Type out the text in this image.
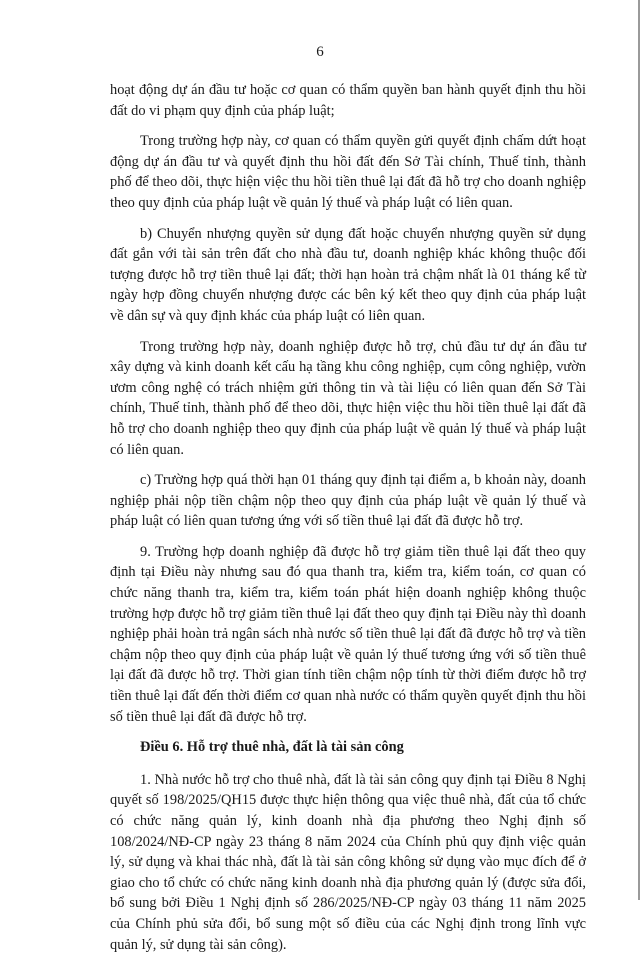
6

hoạt động dự án đầu tư hoặc cơ quan có thẩm quyền ban hành quyết định thu hồi đất do vi phạm quy định của pháp luật;

Trong trường hợp này, cơ quan có thẩm quyền gửi quyết định chấm dứt hoạt động dự án đầu tư và quyết định thu hồi đất đến Sở Tài chính, Thuế tỉnh, thành phố để theo dõi, thực hiện việc thu hồi tiền thuê lại đất đã hỗ trợ cho doanh nghiệp theo quy định của pháp luật về quản lý thuế và pháp luật có liên quan.

b) Chuyển nhượng quyền sử dụng đất hoặc chuyển nhượng quyền sử dụng đất gắn với tài sản trên đất cho nhà đầu tư, doanh nghiệp khác không thuộc đối tượng được hỗ trợ tiền thuê lại đất; thời hạn hoàn trả chậm nhất là 01 tháng kể từ ngày hợp đồng chuyển nhượng được các bên ký kết theo quy định của pháp luật về dân sự và quy định khác của pháp luật có liên quan.

Trong trường hợp này, doanh nghiệp được hỗ trợ, chủ đầu tư dự án đầu tư xây dựng và kinh doanh kết cấu hạ tầng khu công nghiệp, cụm công nghiệp, vườn ươm công nghệ có trách nhiệm gửi thông tin và tài liệu có liên quan đến Sở Tài chính, Thuế tỉnh, thành phố để theo dõi, thực hiện việc thu hồi tiền thuê lại đất đã hỗ trợ cho doanh nghiệp theo quy định của pháp luật về quản lý thuế và pháp luật có liên quan.

c) Trường hợp quá thời hạn 01 tháng quy định tại điểm a, b khoản này, doanh nghiệp phải nộp tiền chậm nộp theo quy định của pháp luật về quản lý thuế và pháp luật có liên quan tương ứng với số tiền thuê lại đất đã được hỗ trợ.

9. Trường hợp doanh nghiệp đã được hỗ trợ giảm tiền thuê lại đất theo quy định tại Điều này nhưng sau đó qua thanh tra, kiểm tra, kiểm toán, cơ quan có chức năng thanh tra, kiểm tra, kiểm toán phát hiện doanh nghiệp không thuộc trường hợp được hỗ trợ giảm tiền thuê lại đất theo quy định tại Điều này thì doanh nghiệp phải hoàn trả ngân sách nhà nước số tiền thuê lại đất đã được hỗ trợ và tiền chậm nộp theo quy định của pháp luật về quản lý thuế tương ứng với số tiền thuê lại đất đã được hỗ trợ. Thời gian tính tiền chậm nộp tính từ thời điểm được hỗ trợ tiền thuê lại đất đến thời điểm cơ quan nhà nước có thẩm quyền quyết định thu hồi số tiền thuê lại đất đã được hỗ trợ.

Điều 6. Hỗ trợ thuê nhà, đất là tài sản công

1. Nhà nước hỗ trợ cho thuê nhà, đất là tài sản công quy định tại Điều 8 Nghị quyết số 198/2025/QH15 được thực hiện thông qua việc thuê nhà, đất của tổ chức có chức năng quản lý, kinh doanh nhà địa phương theo Nghị định số 108/2024/NĐ-CP ngày 23 tháng 8 năm 2024 của Chính phủ quy định việc quản lý, sử dụng và khai thác nhà, đất là tài sản công không sử dụng vào mục đích để ở giao cho tổ chức có chức năng kinh doanh nhà địa phương quản lý (được sửa đổi, bổ sung bởi Điều 1 Nghị định số 286/2025/NĐ-CP ngày 03 tháng 11 năm 2025 của Chính phủ sửa đổi, bổ sung một số điều của các Nghị định trong lĩnh vực quản lý, sử dụng tài sản công).
